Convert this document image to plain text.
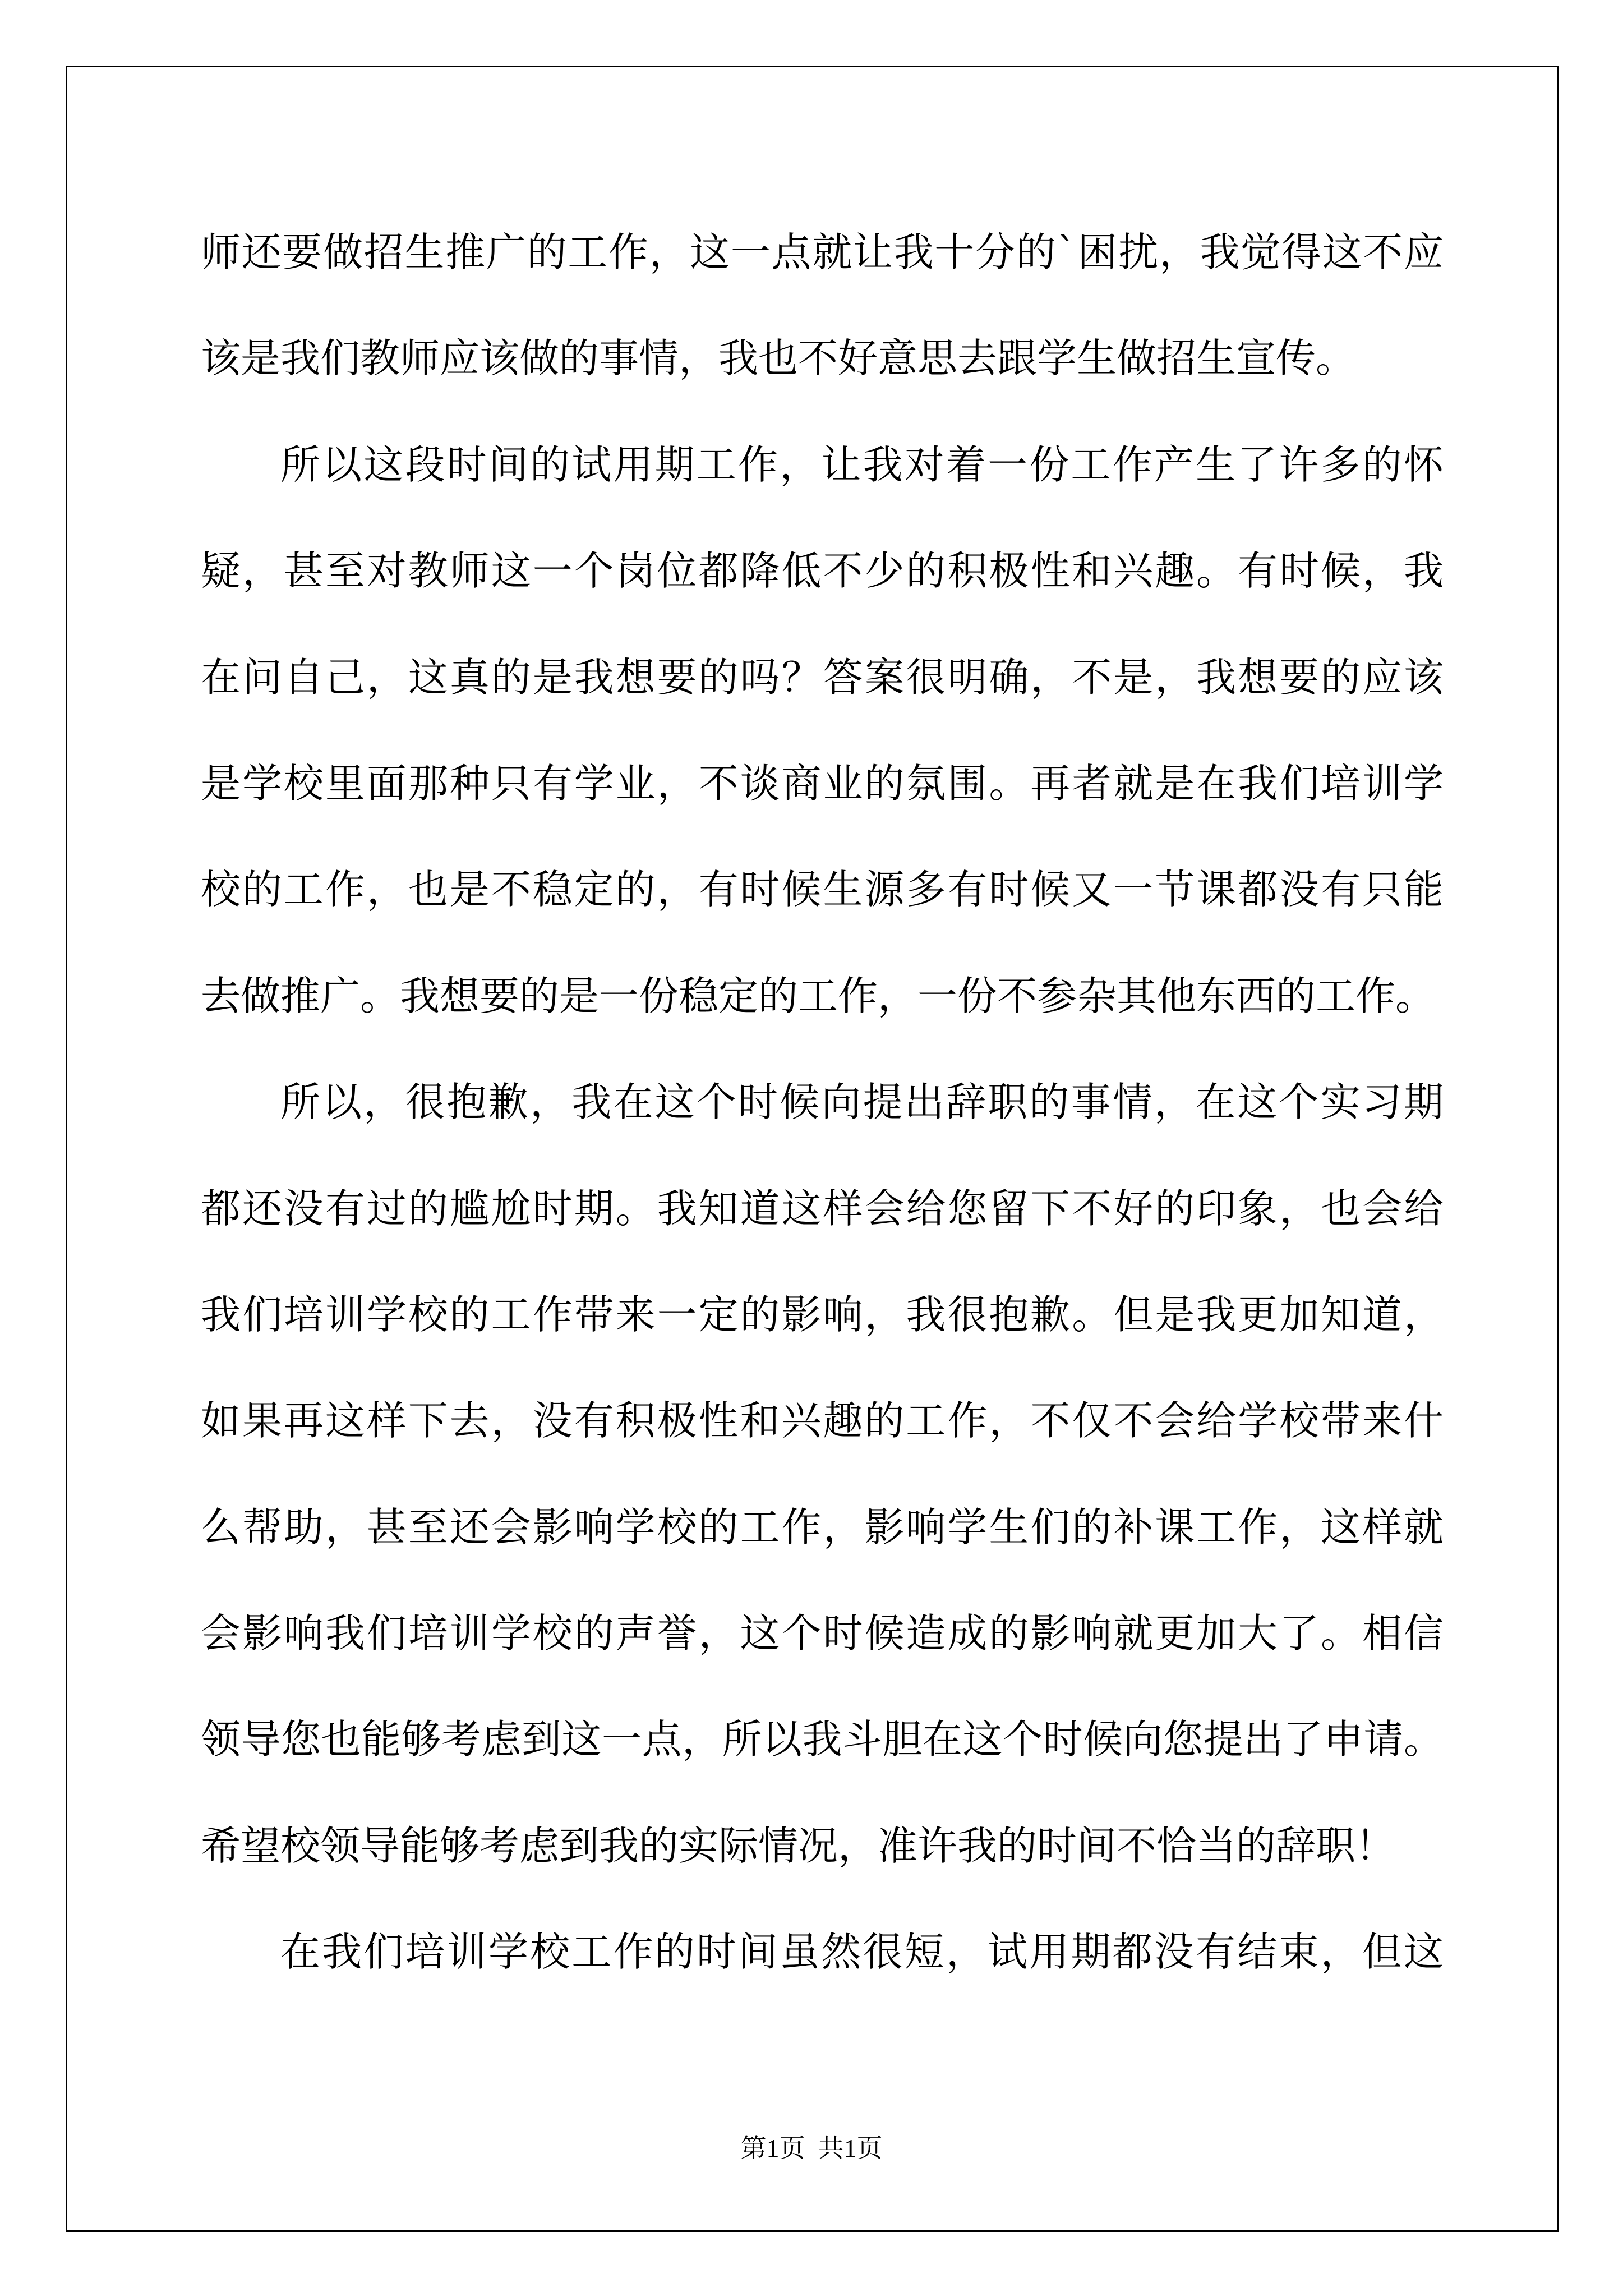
师还要做招生推广的工作，这一点就让我十分的`困扰，我觉得这不应
该是我们教师应该做的事情，我也不好意思去跟学生做招生宣传。
所以这段时间的试用期工作，让我对着一份工作产生了许多的怀
疑，甚至对教师这一个岗位都降低不少的积极性和兴趣。有时候，我
在问自己，这真的是我想要的吗？答案很明确，不是，我想要的应该
是学校里面那种只有学业，不谈商业的氛围。再者就是在我们培训学
校的工作，也是不稳定的，有时候生源多有时候又一节课都没有只能
去做推广。我想要的是一份稳定的工作，一份不参杂其他东西的工作。
所以，很抱歉，我在这个时候向提出辞职的事情，在这个实习期
都还没有过的尴尬时期。我知道这样会给您留下不好的印象，也会给
我们培训学校的工作带来一定的影响，我很抱歉。但是我更加知道，
如果再这样下去，没有积极性和兴趣的工作，不仅不会给学校带来什
么帮助，甚至还会影响学校的工作，影响学生们的补课工作，这样就
会影响我们培训学校的声誉，这个时候造成的影响就更加大了。相信
领导您也能够考虑到这一点，所以我斗胆在这个时候向您提出了申请。
希望校领导能够考虑到我的实际情况，准许我的时间不恰当的辞职！
在我们培训学校工作的时间虽然很短，试用期都没有结束，但这
第1页  共1页
